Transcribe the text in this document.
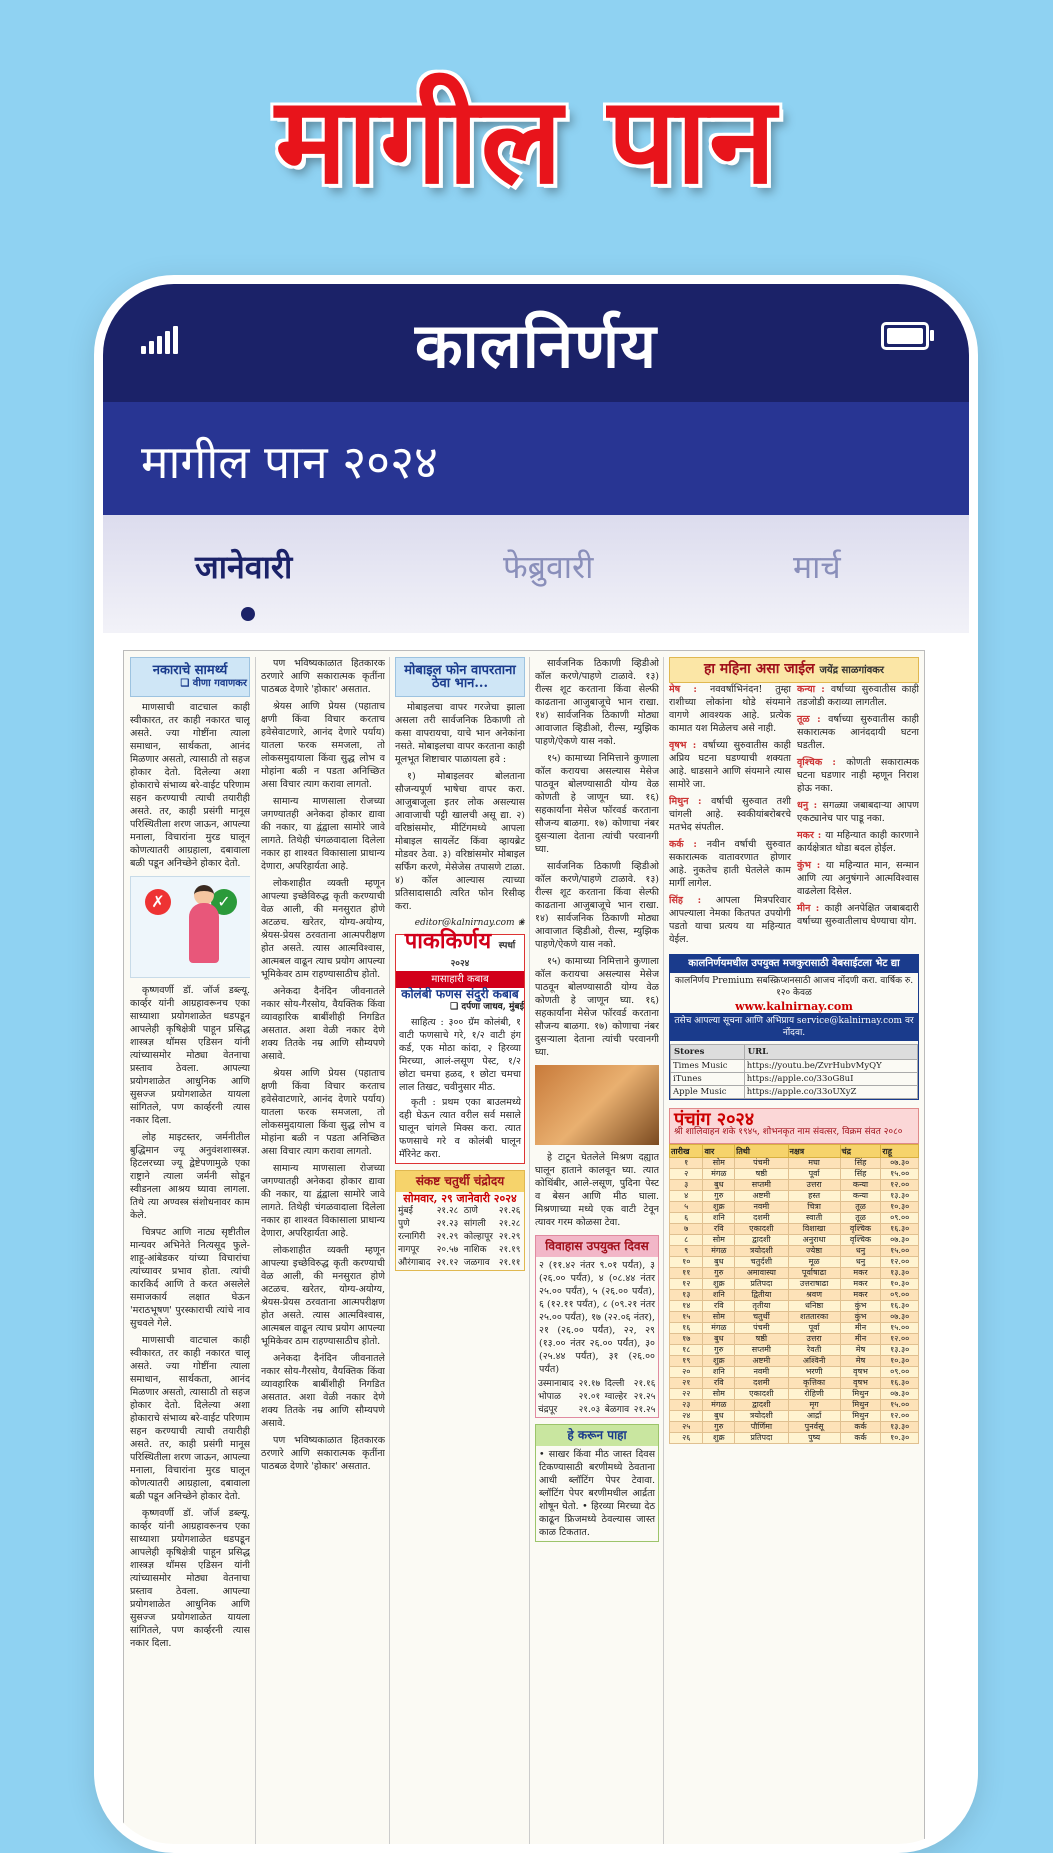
मागील पान
कालनिर्णय
मागील पान २०२४
जानेवारी	फेब्रुवारी	मार्च
नकाराचे सामर्थ्य
❑ वीणा गवाणकर

माणसाची वाटचाल काही स्वीकारत, तर काही नकारत चालू असते. ज्या गोष्टींना त्याला समाधान, सार्थकता, आनंद मिळणार असतो, त्यासाठी तो सहज होकार देतो. दिलेल्या अशा होकाराचे संभाव्य बरे-वाईट परिणाम सहन करण्याची त्याची तयारीही असते. तर, काही प्रसंगी मानूस परिस्थितीला शरण जाऊन, आपल्या मनाला, विचारांना मुरड घालून कोणत्यातरी आग्रहाला, दबावाला बळी पडून अनिच्छेने होकार देतो.

✗	✓

कृष्णवर्णी डॉ. जॉर्ज डब्ल्यू. कार्व्हर यांनी आग्रहावरूनच एका साध्याशा प्रयोगशाळेत धडपडून आपलेही कृषिक्षेत्री पाहून प्रसिद्ध शास्त्रज्ञ थॉमस एडिसन यांनी त्यांच्यासमोर मोठ्या वेतनाचा प्रस्ताव ठेवला. आपल्या प्रयोगशाळेत आधुनिक आणि सुसज्ज प्रयोगशाळेत यायला सांगितले, पण कार्व्हरनी त्यास नकार दिला.

लोह माइटस्तर, जर्मनीतील बुद्धिमान ज्यू अनुवंशशास्त्रज्ञ. हिटलरच्या ज्यू द्वेष्टेपणामुळे एका राष्ट्राने त्याला जर्मनी सोडून स्वीडनला आश्रय घ्यावा लागला. तिथे त्या अण्वस्त्र संशोधनावर काम केले.

चित्रपट आणि नाट्य सृष्टीतील मान्यवर अभिनेते नित्यसूद फुले-शाहू-आंबेडकर यांच्या विचारांचा त्यांच्यावर प्रभाव होता. त्यांची कारकिर्द आणि ते करत असलेले समाजकार्य लक्षात घेऊन 'मराठभूषण' पुरस्काराची त्यांचे नाव सुचवले गेले.

माणसाची वाटचाल काही स्वीकारत, तर काही नकारत चालू असते. ज्या गोष्टींना त्याला समाधान, सार्थकता, आनंद मिळणार असतो, त्यासाठी तो सहज होकार देतो. दिलेल्या अशा होकाराचे संभाव्य बरे-वाईट परिणाम सहन करण्याची त्याची तयारीही असते. तर, काही प्रसंगी मानूस परिस्थितीला शरण जाऊन, आपल्या मनाला, विचारांना मुरड घालून कोणत्यातरी आग्रहाला, दबावाला बळी पडून अनिच्छेने होकार देतो.

कृष्णवर्णी डॉ. जॉर्ज डब्ल्यू. कार्व्हर यांनी आग्रहावरूनच एका साध्याशा प्रयोगशाळेत धडपडून आपलेही कृषिक्षेत्री पाहून प्रसिद्ध शास्त्रज्ञ थॉमस एडिसन यांनी त्यांच्यासमोर मोठ्या वेतनाचा प्रस्ताव ठेवला. आपल्या प्रयोगशाळेत आधुनिक आणि सुसज्ज प्रयोगशाळेत यायला सांगितले, पण कार्व्हरनी त्यास नकार दिला.

पण भविष्यकाळात हितकारक ठरणारे आणि सकारात्मक कृतींना पाठबळ देणारे 'होकार' असतात.

श्रेयस आणि प्रेयस (पहाताच क्षणी किंवा विचार करताच हवेसेवाटणारे, आनंद देणारे पर्याय) यातला फरक समजला, तो लोकसमुदायाला किंवा सुद्ध लोभ व मोहांना बळी न पडता अनिच्छित असा विचार त्याग करावा लागतो.

सामान्य माणसाला रोजच्या जगण्यातही अनेकदा होकार द्यावा की नकार, या द्वंद्वाला सामोरे जावे लागते. तिथेही चंगळवादाला दिलेला नकार हा शाश्वत विकासाला प्राधान्य देणारा, अपरिहार्यता आहे.

लोकशाहीत व्यक्ती म्हणून आपल्या इच्छेविरुद्ध कृती करण्याची वेळ आली, की मनसुरात होणे अटळच. खरेतर, योग्य-अयोग्य, श्रेयस-प्रेयस ठरवताना आत्मपरीक्षण होत असते. त्यास आत्मविश्वास, आत्मबल वाढून त्याच प्रयोग आपल्या भूमिकेवर ठाम राहण्यासाठीच होतो.

अनेकदा दैनंदिन जीवनातले नकार सोय-गैरसोय, वैयक्तिक किंवा व्यावहारिक बाबींशीही निगडित असतात. अशा वेळी नकार देणे शक्य तितके नम्र आणि सौम्यपणे असावे.

श्रेयस आणि प्रेयस (पहाताच क्षणी किंवा विचार करताच हवेसेवाटणारे, आनंद देणारे पर्याय) यातला फरक समजला, तो लोकसमुदायाला किंवा सुद्ध लोभ व मोहांना बळी न पडता अनिच्छित असा विचार त्याग करावा लागतो.

सामान्य माणसाला रोजच्या जगण्यातही अनेकदा होकार द्यावा की नकार, या द्वंद्वाला सामोरे जावे लागते. तिथेही चंगळवादाला दिलेला नकार हा शाश्वत विकासाला प्राधान्य देणारा, अपरिहार्यता आहे.

लोकशाहीत व्यक्ती म्हणून आपल्या इच्छेविरुद्ध कृती करण्याची वेळ आली, की मनसुरात होणे अटळच. खरेतर, योग्य-अयोग्य, श्रेयस-प्रेयस ठरवताना आत्मपरीक्षण होत असते. त्यास आत्मविश्वास, आत्मबल वाढून त्याच प्रयोग आपल्या भूमिकेवर ठाम राहण्यासाठीच होतो.

अनेकदा दैनंदिन जीवनातले नकार सोय-गैरसोय, वैयक्तिक किंवा व्यावहारिक बाबींशीही निगडित असतात. अशा वेळी नकार देणे शक्य तितके नम्र आणि सौम्यपणे असावे.

पण भविष्यकाळात हितकारक ठरणारे आणि सकारात्मक कृतींना पाठबळ देणारे 'होकार' असतात.

मोबाइल फोन वापरताना ठेवा भान...

मोबाइलचा वापर गरजेचा झाला असला तरी सार्वजनिक ठिकाणी तो कसा वापरायचा, याचे भान अनेकांना नसते. मोबाइलचा वापर करताना काही मूलभूत शिष्टाचार पाळायला हवे :

१) मोबाइलवर बोलताना सौजन्यपूर्ण भाषेचा वापर करा. आजुबाजूला इतर लोक असल्यास आवाजाची पट्टी खालची असू द्या. २) वरिष्ठांसमोर, मीटिंगमध्ये आपला मोबाइल सायलेंट किंवा व्हायब्रेट मोडवर ठेवा. ३) वरिष्ठांसमोर मोबाइल सर्फिंग करणे, मेसेजेस तपासणे टाळा. ४) कॉल आल्यास त्याच्या प्रतिसादासाठी त्वरित फोन रिसीव्ह करा.

editor@kalnirnay.com ❀
पाककिर्णय स्पर्धा २०२४
मासाहारी कबाब
कोलंबी फणस संदुरी कबाब
❑ दर्पणा जाधव, मुंबई

साहित्य : ३०० ग्रॅम कोलंबी, १ वाटी फणसाचे गरे, १/२ वाटी हंग कर्ड, एक मोठा कांदा, २ हिरव्या मिरच्या, आलं-लसूण पेस्ट, १/२ छोटा चमचा हळद, १ छोटा चमचा लाल तिखट, चवीनुसार मीठ.

कृती : प्रथम एका बाउलमध्ये दही घेऊन त्यात वरील सर्व मसाले घालून चांगले मिक्स करा. त्यात फणसाचे गरे व कोलंबी घालून मॅरिनेट करा.

संकष्ट चतुर्थी चंद्रोदय
सोमवार, २९ जानेवारी २०२४
मुंबई	२१.२८	ठाणे	२१.२६
पुणे	२१.२३	सांगली	२१.२८
रत्नागिरी	२१.२९	कोल्हापूर	२१.२९
नागपूर	२०.५७	नाशिक	२१.१९
औरंगाबाद	२१.१२	जळगाव	२१.११

सार्वजनिक ठिकाणी व्हिडीओ कॉल करणे/पाहणे टाळावे. १३) रील्स शूट करताना किंवा सेल्फी काढताना आजुबाजूचे भान राखा. १४) सार्वजनिक ठिकाणी मोठ्या आवाजात व्हिडीओ, रील्स, म्युझिक पाहणे/ऐकणे यास नको.

१५) कामाच्या निमित्ताने कुणाला कॉल करायचा असल्यास मेसेज पाठवून बोलण्यासाठी योग्य वेळ कोणती हे जाणून घ्या. १६) सहकार्यांना मेसेज फॉरवर्ड करताना सौजन्य बाळगा. १७) कोणाचा नंबर दुसऱ्याला देताना त्यांची परवानगी घ्या.

सार्वजनिक ठिकाणी व्हिडीओ कॉल करणे/पाहणे टाळावे. १३) रील्स शूट करताना किंवा सेल्फी काढताना आजुबाजूचे भान राखा. १४) सार्वजनिक ठिकाणी मोठ्या आवाजात व्हिडीओ, रील्स, म्युझिक पाहणे/ऐकणे यास नको.

१५) कामाच्या निमित्ताने कुणाला कॉल करायचा असल्यास मेसेज पाठवून बोलण्यासाठी योग्य वेळ कोणती हे जाणून घ्या. १६) सहकार्यांना मेसेज फॉरवर्ड करताना सौजन्य बाळगा. १७) कोणाचा नंबर दुसऱ्याला देताना त्यांची परवानगी घ्या.

हे टाटून घेतलेले मिश्रण दह्यात घालून हाताने कालवून घ्या. त्यात कोथिंबीर, आले-लसूण, पुदिना पेस्ट व बेसन आणि मीठ घाला. मिश्रणाच्या मध्ये एक वाटी टेवून त्यावर गरम कोळसा टेवा.

विवाहास उपयुक्त दिवस

२ (११.४२ नंतर ९.०१ पर्यंत), ३ (२६.०० पर्यंत), ४ (०८.४४ नंतर २५.०० पर्यंत), ५ (२६.०० पर्यंत), ६ (१२.११ पर्यंत), ८ (०९.२१ नंतर २५.०० पर्यंत), १७ (२२.०६ नंतर), २१ (२६.०० पर्यंत), २२, २९ (१३.०० नंतर २६.०० पर्यंत), ३० (२५.४४ पर्यंत), ३१ (२६.०० पर्यंत)

उस्मानाबाद	२१.१७	दिल्ली	२१.१६
भोपाळ	२१.०१	ग्वाल्हेर	२१.२५
चंद्रपूर	२१.०३	बेळगाव	२१.२५
हे करून पाहा
• साखर किंवा मीठ जास्त दिवस टिकण्यासाठी बरणीमध्ये ठेवताना आधी ब्लॉटिंग पेपर टेवावा. ब्लॉटिंग पेपर बरणीमधील आर्द्रता शोषून घेतो. • हिरव्या मिरच्या देठ काढून फ्रिजमध्ये ठेवल्यास जास्त काळ टिकतात.
हा महिना असा जाईल जयेंद्र साळगांवकर

मेष : नववर्षाभिनंदन! तुम्हा राशीच्या लोकांना थोडे संयमाने वागणे आवश्यक आहे. प्रत्येक कामात यश मिळेलच असे नाही.

वृषभ : वर्षाच्या सुरुवातीस काही अप्रिय घटना घडण्याची शक्यता आहे. धाडसाने आणि संयमाने त्यास सामोरे जा.

मिथुन : वर्षाची सुरुवात तशी चांगली आहे. स्वकीयांबरोबरचे मतभेद संपतील.

कर्क : नवीन वर्षाची सुरुवात सकारात्मक वातावरणात होणार आहे. नुकतेच हाती घेतलेले काम मार्गी लागेल.

सिंह : आपला मित्रपरिवार आपल्याला नेमका कितपत उपयोगी पडतो याचा प्रत्यय या महिन्यात येईल.

कन्या : वर्षाच्या सुरुवातीस काही तडजोडी कराव्या लागतील.

तूळ : वर्षाच्या सुरुवातीस काही सकारात्मक आनंददायी घटना घडतील.

वृश्चिक : कोणती सकारात्मक घटना घडणार नाही म्हणून निराश होऊ नका.

धनु : सगळ्या जबाबदाऱ्या आपण एकट्यानेच पार पाडू नका.

मकर : या महिन्यात काही कारणाने कार्यक्षेत्रात थोडा बदल होईल.

कुंभ : या महिन्यात मान, सन्मान आणि त्या अनुषंगाने आत्मविश्वास वाढलेला दिसेल.

मीन : काही अनपेक्षित जबाबदारी वर्षाच्या सुरुवातीलाच घेण्याचा योग.

कालनिर्णयमधील उपयुक्त मजकुरासाठी वेबसाईटला भेट द्या
कालनिर्णय Premium सबस्क्रिप्शनसाठी आजच नोंदणी करा. वार्षिक रु. १२० केवळ
www.kalnirnay.com
तसेच आपल्या सूचना आणि अभिप्राय service@kalnirnay.com वर नोंदवा.
Stores	URL
Times Music	https://youtu.be/ZvrHubvMyQY
iTunes	https://apple.co/33oG8uI
Apple Music	https://apple.co/33oUXyZ
पंचांग २०२४
श्री शालिवाहन शके १९४५, शोभनकृत नाम संवत्सर, विक्रम संवत २०८०
तारीख	वार	तिथी	नक्षत्र	चंद्र	राहू
१	सोम	पंचमी	मघा	सिंह	०७.३०
२	मंगळ	षष्ठी	पूर्वा	सिंह	१५.००
३	बुध	सप्तमी	उत्तरा	कन्या	१२.००
४	गुरु	अष्टमी	हस्त	कन्या	१३.३०
५	शुक्र	नवमी	चित्रा	तूळ	१०.३०
६	शनि	दशमी	स्वाती	तूळ	०९.००
७	रवि	एकादशी	विशाखा	वृश्चिक	१६.३०
८	सोम	द्वादशी	अनुराधा	वृश्चिक	०७.३०
९	मंगळ	त्रयोदशी	ज्येष्ठा	धनु	१५.००
१०	बुध	चतुर्दशी	मूळ	धनु	१२.००
११	गुरु	अमावास्या	पूर्वाषाढा	मकर	१३.३०
१२	शुक्र	प्रतिपदा	उत्तराषाढा	मकर	१०.३०
१३	शनि	द्वितीया	श्रवण	मकर	०९.००
१४	रवि	तृतीया	धनिष्ठा	कुंभ	१६.३०
१५	सोम	चतुर्थी	शततारका	कुंभ	०७.३०
१६	मंगळ	पंचमी	पूर्वा	मीन	१५.००
१७	बुध	षष्ठी	उत्तरा	मीन	१२.००
१८	गुरु	सप्तमी	रेवती	मेष	१३.३०
१९	शुक्र	अष्टमी	अश्विनी	मेष	१०.३०
२०	शनि	नवमी	भरणी	वृषभ	०९.००
२१	रवि	दशमी	कृत्तिका	वृषभ	१६.३०
२२	सोम	एकादशी	रोहिणी	मिथुन	०७.३०
२३	मंगळ	द्वादशी	मृग	मिथुन	१५.००
२४	बुध	त्रयोदशी	आर्द्रा	मिथुन	१२.००
२५	गुरु	पौर्णिमा	पुनर्वसू	कर्क	१३.३०
२६	शुक्र	प्रतिपदा	पुष्य	कर्क	१०.३०
